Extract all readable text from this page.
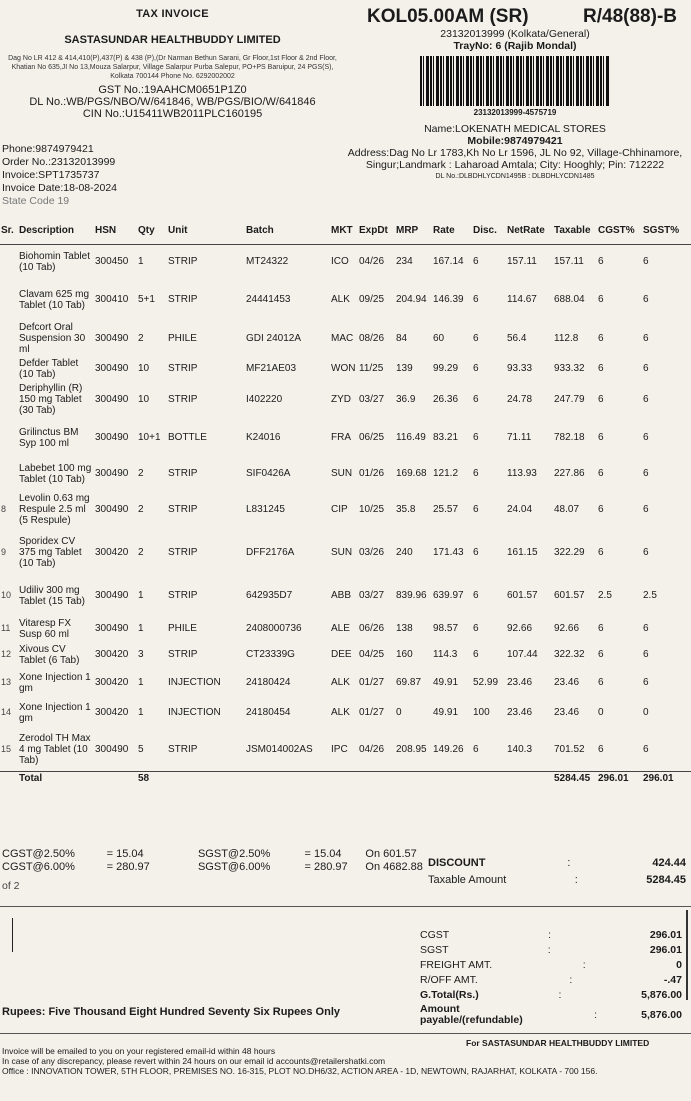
TAX INVOICE
SASTASUNDAR HEALTHBUDDY LIMITED
Dag No LR 412 & 414,410(P),437(P) & 438 (P),(Dr Narman Bethun Sarani, Gr Floor,1st Floor & 2nd Floor, Khatian No 635,JI No 13,Mouza Salarpur, Village Salarpur Purba Salepur, PO+PS Baruipur, 24 PGS(S), Kolkata 700144 Phone No. 6292002002
GST No.:19AAHCM0651P1Z0
DL No.:WB/PGS/NBO/W/641846, WB/PGS/BIO/W/641846
CIN No.:U15411WB2011PLC160195
Phone:9874979421
Order No.:23132013999
Invoice:SPT1735737
Invoice Date:18-08-2024
State Code 19
KOL05.00AM (SR)	R/48(88)-B
23132013999 (Kolkata/General)
TrayNo: 6 (Rajib Mondal)
23132013999-4575719
Name:LOKENATH MEDICAL STORES
Mobile:9874979421
Address:Dag No Lr 1783,Kh No Lr 1596, JL No 92, Village-Chhinamore, Singur;Landmark : Laharoad Amtala; City: Hooghly; Pin: 712222
DL No.:DLBDHLYCDN1495B : DLBDHLYCDN1485
Sr.	Description	HSN	Qty	Unit	Batch	MKT	ExpDt	MRP	Rate	Disc.	NetRate	Taxable	CGST%	SGST%
	Biohomin Tablet (10 Tab)	300450	1	STRIP	MT24322	ICO	04/26	234	167.14	6	157.11	157.11	6	6
	Clavam 625 mg Tablet (10 Tab)	300410	5+1	STRIP	24441453	ALK	09/25	204.94	146.39	6	114.67	688.04	6	6
	Defcort Oral Suspension 30 ml	300490	2	PHILE	GDI 24012A	MAC	08/26	84	60	6	56.4	112.8	6	6
	Defder Tablet (10 Tab)	300490	10	STRIP	MF21AE03	WON	11/25	139	99.29	6	93.33	933.32	6	6
	Deriphyllin (R) 150 mg Tablet (30 Tab)	300490	10	STRIP	I402220	ZYD	03/27	36.9	26.36	6	24.78	247.79	6	6
	Grilinctus BM Syp 100 ml	300490	10+1	BOTTLE	K24016	FRA	06/25	116.49	83.21	6	71.11	782.18	6	6
	Labebet 100 mg Tablet (10 Tab)	300490	2	STRIP	SIF0426A	SUN	01/26	169.68	121.2	6	113.93	227.86	6	6
8	Levolin 0.63 mg Respule 2.5 ml (5 Respule)	300490	2	STRIP	L831245	CIP	10/25	35.8	25.57	6	24.04	48.07	6	6
9	Sporidex CV 375 mg Tablet (10 Tab)	300420	2	STRIP	DFF2176A	SUN	03/26	240	171.43	6	161.15	322.29	6	6
10	Udiliv 300 mg Tablet (15 Tab)	300490	1	STRIP	642935D7	ABB	03/27	839.96	639.97	6	601.57	601.57	2.5	2.5
11	Vitaresp FX Susp 60 ml	300490	1	PHILE	2408000736	ALE	06/26	138	98.57	6	92.66	92.66	6	6
12	Xivous CV Tablet (6 Tab)	300420	3	STRIP	CT23339G	DEE	04/25	160	114.3	6	107.44	322.32	6	6
13	Xone Injection 1 gm	300420	1	INJECTION	24180424	ALK	01/27	69.87	49.91	52.99	23.46	23.46	6	6
14	Xone Injection 1 gm	300420	1	INJECTION	24180454	ALK	01/27	0	49.91	100	23.46	23.46	0	0
15	Zerodol TH Max 4 mg Tablet (10 Tab)	300490	5	STRIP	JSM014002AS	IPC	04/26	208.95	149.26	6	140.3	701.52	6	6
	Total		58									5284.45	296.01	296.01
CGST@2.50%	= 15.04	SGST@2.50%	= 15.04	On 601.57
CGST@6.00%	= 280.97	SGST@6.00%	= 280.97	On 4682.88
of 2
DISCOUNT	:	424.44
Taxable Amount	:	5284.45
CGST	:	296.01
SGST	:	296.01
FREIGHT AMT.	:	0
R/OFF AMT.	:	-.47
G.Total(Rs.)	:	5,876.00
Amount payable/(refundable)	:	5,876.00
Rupees: Five Thousand Eight Hundred Seventy Six Rupees Only
For SASTASUNDAR HEALTHBUDDY LIMITED
Invoice will be emailed to you on your registered email-id within 48 hours
In case of any discrepancy, please revert within 24 hours on our email id accounts@retailershatki.com
Office : INNOVATION TOWER, 5TH FLOOR, PREMISES NO. 16-315, PLOT NO.DH6/32, ACTION AREA - 1D, NEWTOWN, RAJARHAT, KOLKATA - 700 156.
